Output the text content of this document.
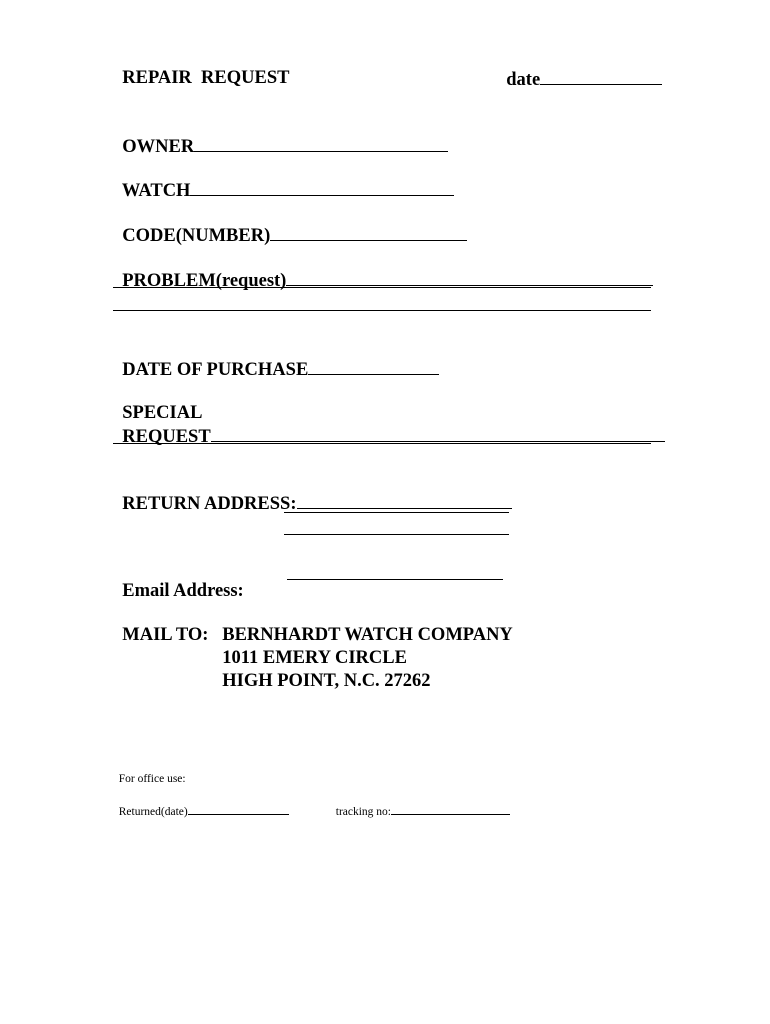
REPAIR  REQUEST	date

OWNER

WATCH

CODE(NUMBER)

PROBLEM(request)

DATE OF PURCHASE

SPECIAL

REQUEST

RETURN ADDRESS:

Email Address:

MAIL TO: BERNHARDT WATCH COMPANY

1011 EMERY CIRCLE

HIGH POINT, N.C. 27262

For office use:

Returned(date)	tracking no:
